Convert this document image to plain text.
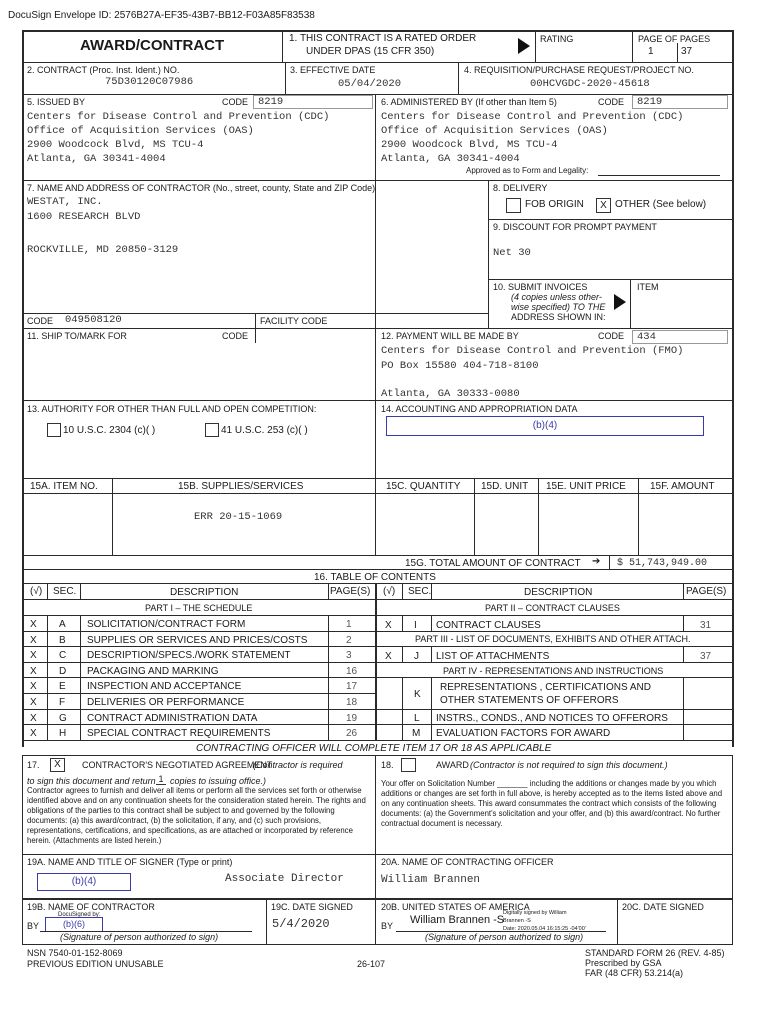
DocuSign Envelope ID: 2576B27A-EF35-43B7-BB12-F03A85F83538
AWARD/CONTRACT	1. THIS CONTRACT IS A RATED ORDER
UNDER DPAS (15 CFR 350)
RATING	PAGE OF PAGES
1	37
2. CONTRACT (Proc. Inst. Ident.) NO.
75D30120C07986
3. EFFECTIVE DATE
05/04/2020
4. REQUISITION/PURCHASE REQUEST/PROJECT NO.
00HCVGDC-2020-45618
5. ISSUED BY	CODE 8219
Centers for Disease Control and Prevention (CDC)
Office of Acquisition Services (OAS)
2900 Woodcock Blvd, MS TCU-4
Atlanta, GA 30341-4004
6. ADMINISTERED BY (If other than Item 5)	CODE	8219
Centers for Disease Control and Prevention (CDC)
Office of Acquisition Services (OAS)
2900 Woodcock Blvd, MS TCU-4
Atlanta, GA 30341-4004
Approved as to Form and Legality:
7. NAME AND ADDRESS OF CONTRACTOR (No., street, county, State and ZIP Code)
WESTAT, INC.
1600 RESEARCH BLVD
ROCKVILLE, MD 20850-3129
8. DELIVERY
FOB ORIGIN	X OTHER (See below)
9. DISCOUNT FOR PROMPT PAYMENT
Net 30
10. SUBMIT INVOICES
(4 copies unless other-
wise specified) TO THE
ADDRESS SHOWN IN:
ITEM
CODE 049508120	FACILITY CODE
11. SHIP TO/MARK FOR	CODE	12. PAYMENT WILL BE MADE BY	CODE	434
Centers for Disease Control and Prevention (FMO)
PO Box 15580 404-718-8100
Atlanta, GA 30333-0080
13. AUTHORITY FOR OTHER THAN FULL AND OPEN COMPETITION:
10 U.S.C. 2304 (c)( )	41 U.S.C. 253 (c)( )
14. ACCOUNTING AND APPROPRIATION DATA
(b)(4)
15A. ITEM NO.	15B. SUPPLIES/SERVICES	15C. QUANTITY 15D. UNIT 15E. UNIT PRICE 15F. AMOUNT
ERR 20-15-1069
15G. TOTAL AMOUNT OF CONTRACT ➔ $ 51,743,949.00
16. TABLE OF CONTENTS
X A SOLICITATION/CONTRACT FORM	1
X B SUPPLIES OR SERVICES AND PRICES/COSTS	2
X C DESCRIPTION/SPECS./WORK STATEMENT	3
X D PACKAGING AND MARKING	16
X E INSPECTION AND ACCEPTANCE	17
X F DELIVERIES OR PERFORMANCE	18
X G CONTRACT ADMINISTRATION DATA	19
X H SPECIAL CONTRACT REQUIREMENTS	26
(√) SEC.	DESCRIPTION	PAGE(S) (√) SEC.	DESCRIPTION	PAGE(S)
PART I – THE SCHEDULE	PART II – CONTRACT CLAUSES
PART III - LIST OF DOCUMENTS, EXHIBITS AND OTHER ATTACH.
PART IV - REPRESENTATIONS AND INSTRUCTIONS
X I CONTRACT CLAUSES	31
X J LIST OF ATTACHMENTS	37
K
REPRESENTATIONS , CERTIFICATIONS AND
OTHER STATEMENTS OF OFFERORS
L INSTRS., CONDS., AND NOTICES TO OFFERORS
M EVALUATION FACTORS FOR AWARD
CONTRACTING OFFICER WILL COMPLETE ITEM 17 OR 18 AS APPLICABLE
17.	X	CONTRACTOR'S NEGOTIATED AGREEMENT
(Contractor is required
to sign this document and return 1 copies to issuing office.)
Contractor agrees to furnish and deliver all items or perform all the services set forth or otherwise identified above and on any continuation sheets for the consideration stated herein. The rights and obligations of the parties to this contract shall be subject to and governed by the following documents: (a) this award/contract, (b) the solicitation, if any, and (c) such provisions, representations, certifications, and specifications, as are attached or incorporated by reference herein. (Attachments are listed herein.)
18.	AWARD (Contractor is not required to sign this document.)
Your offer on Solicitation Number _______ including the additions or changes made by you which additions or changes are set forth in full above, is hereby accepted as to the items listed above and on any continuation sheets. This award consummates the contract which consists of the following documents: (a) the Government's solicitation and your offer, and (b) this award/contract. No further contractual document is necessary.
19A. NAME AND TITLE OF SIGNER (Type or print)
(b)(4)	Associate Director
20A. NAME OF CONTRACTING OFFICER
William Brannen
19B. NAME OF CONTRACTOR
BY
DocuSigned by:
(b)(6)
(Signature of person authorized to sign)
19C. DATE SIGNED
5/4/2020
20B. UNITED STATES OF AMERICA
BY William Brannen -S
Digitally signed by William
Brannen -S
Date: 2020.05.04 16:15:25 -04'00'
(Signature of person authorized to sign)
20C. DATE SIGNED
NSN 7540-01-152-8069
PREVIOUS EDITION UNUSABLE	26-107
STANDARD FORM 26 (REV. 4-85)
Prescribed by GSA
FAR (48 CFR) 53.214(a)
